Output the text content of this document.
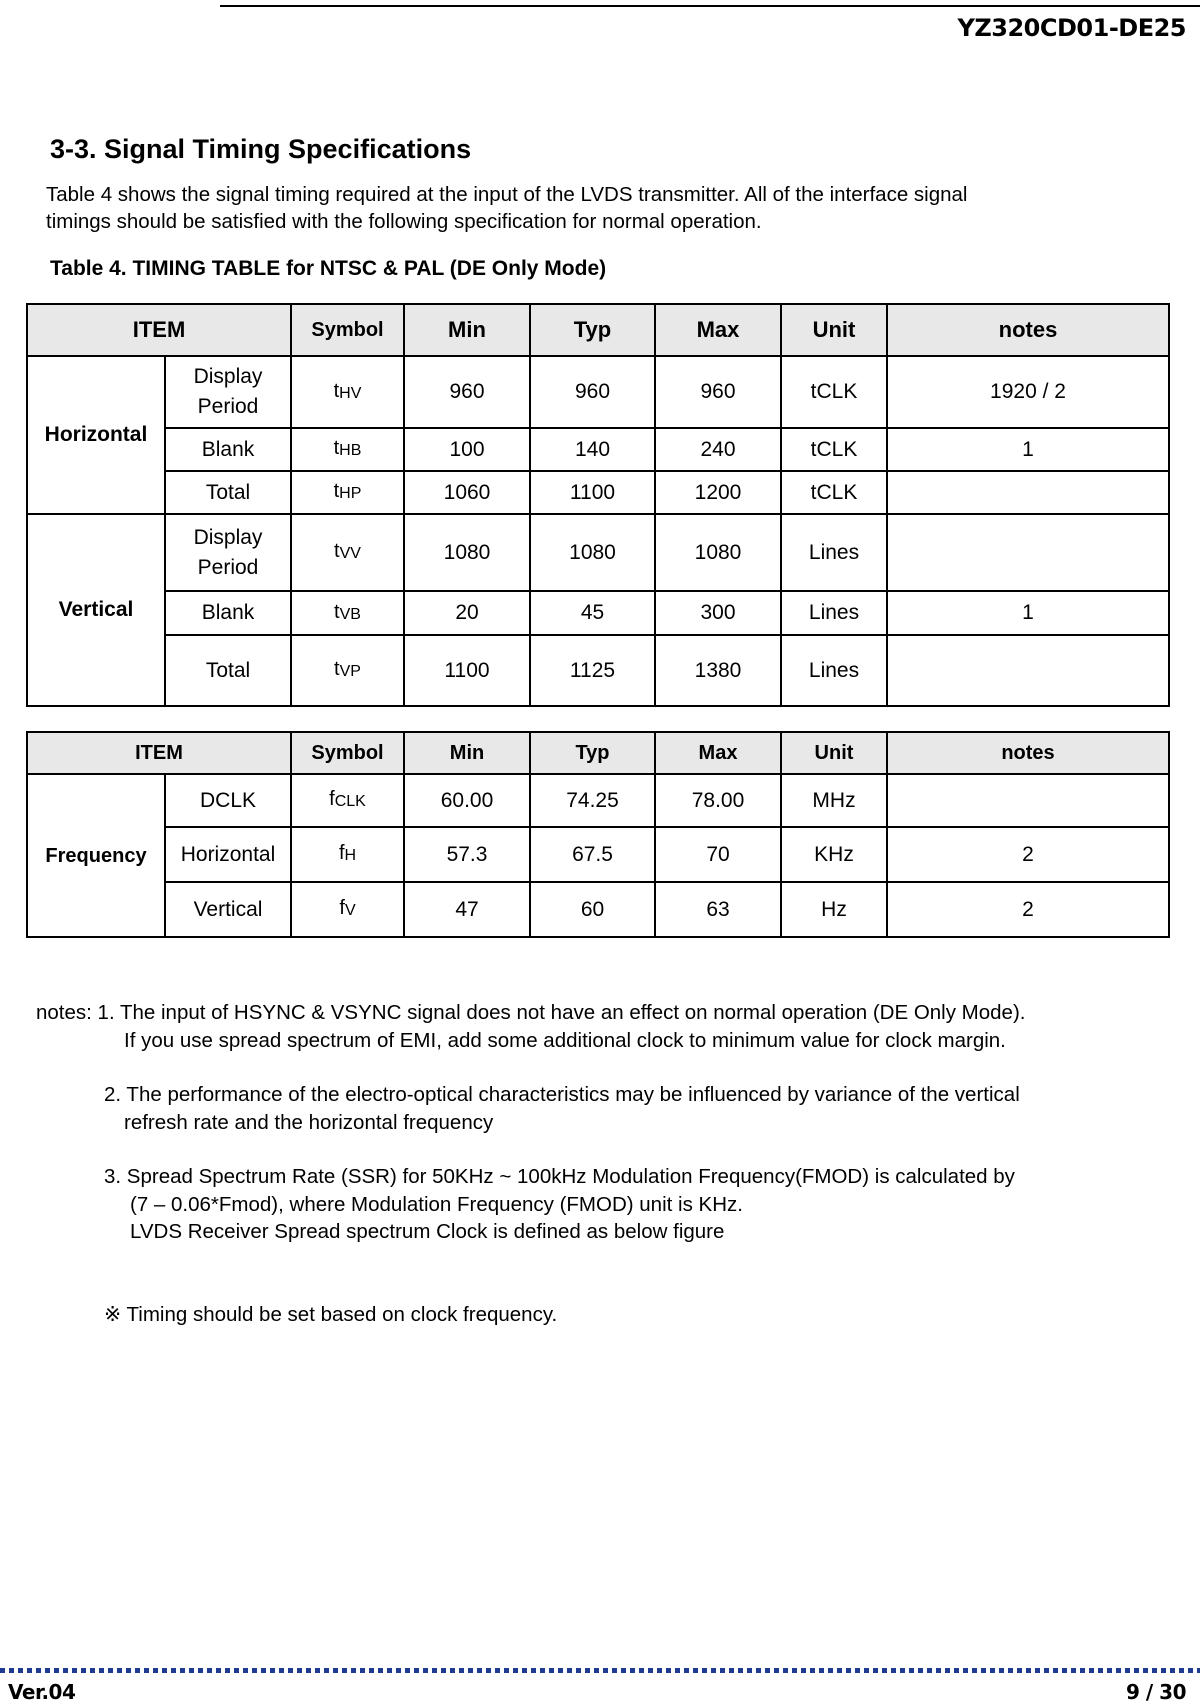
YZ320CD01-DE25
3-3. Signal Timing Specifications
Table 4 shows the signal timing required at the input of the LVDS transmitter. All of the interface signal
timings should be satisfied with the following specification for normal operation.
Table 4. TIMING TABLE for NTSC & PAL (DE Only Mode)
ITEM		Symbol	Min	Typ	Max	Unit	notes
Horizontal	Display Period	$t_{HV}$	960	960	960	tCLK	1920 / 2
	Blank	$t_{HB}$	100	140	240	tCLK	1
	Total	$t_{HP}$	1060	1100	1200	tCLK	
Vertical	Display Period	$t_{VV}$	1080	1080	1080	Lines	
	Blank	$t_{VB}$	20	45	300	Lines	1
	Total	$t_{VP}$	1100	1125	1380	Lines	
ITEM		Symbol	Min	Typ	Max	Unit	notes
Frequency	DCLK	$f_{CLK}$	60.00	74.25	78.00	MHz	
	Horizontal	$f_H$	57.3	67.5	70	KHz	2
	Vertical	$f_V$	47	60	63	Hz	2

notes: 1. The input of HSYNC & VSYNC signal does not have an effect on normal operation (DE Only Mode).

If you use spread spectrum of EMI, add some additional clock to minimum value for clock margin.

2. The performance of the electro-optical characteristics may be influenced by variance of the vertical

refresh rate and the horizontal frequency

3. Spread Spectrum Rate (SSR) for 50KHz ~ 100kHz Modulation Frequency(FMOD) is calculated by

(7 – 0.06*Fmod), where Modulation Frequency (FMOD) unit is KHz.

LVDS Receiver Spread spectrum Clock is defined as below figure

※ Timing should be set based on clock frequency.

Ver.04	9 / 30
